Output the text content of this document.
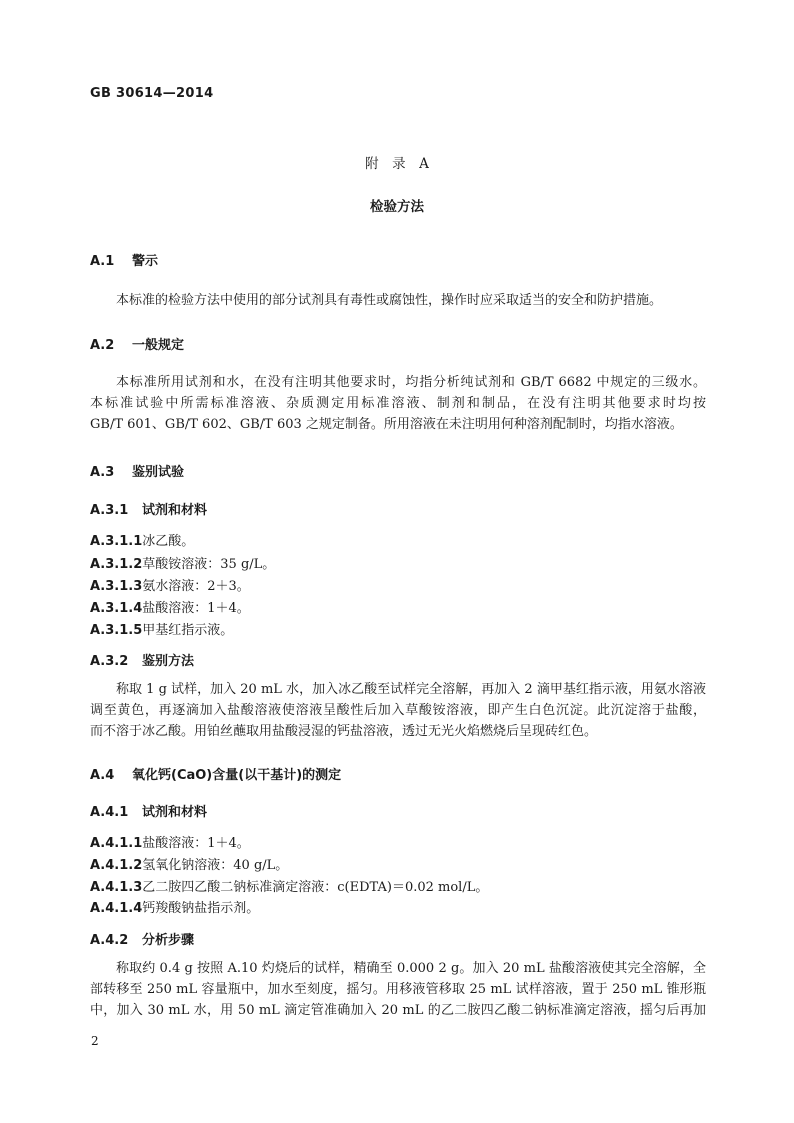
GB 30614—2014
附　录　A
检验方法
A.1 警示
本标准的检验方法中使用的部分试剂具有毒性或腐蚀性，操作时应采取适当的安全和防护措施。
A.2 一般规定
本标准所用试剂和水，在没有注明其他要求时，均指分析纯试剂和 GB/T 6682 中规定的三级水。
本标准试验中所需标准溶液、杂质测定用标准溶液、制剂和制品，在没有注明其他要求时均按
GB/T 601、GB/T 602、GB/T 603 之规定制备。所用溶液在未注明用何种溶剂配制时，均指水溶液。
A.3 鉴别试验
A.3.1 试剂和材料
A.3.1.1冰乙酸。
A.3.1.2草酸铵溶液：35 g/L。
A.3.1.3氨水溶液：2＋3。
A.3.1.4盐酸溶液：1＋4。
A.3.1.5甲基红指示液。
A.3.2 鉴别方法
称取 1 g 试样，加入 20 mL 水，加入冰乙酸至试样完全溶解，再加入 2 滴甲基红指示液，用氨水溶液
调至黄色，再逐滴加入盐酸溶液使溶液呈酸性后加入草酸铵溶液，即产生白色沉淀。此沉淀溶于盐酸，
而不溶于冰乙酸。用铂丝蘸取用盐酸浸湿的钙盐溶液，透过无光火焰燃烧后呈现砖红色。
A.4 氧化钙(CaO)含量(以干基计)的测定
A.4.1 试剂和材料
A.4.1.1盐酸溶液：1＋4。
A.4.1.2氢氧化钠溶液：40 g/L。
A.4.1.3乙二胺四乙酸二钠标准滴定溶液：c(EDTA)＝0.02 mol/L。
A.4.1.4钙羧酸钠盐指示剂。
A.4.2 分析步骤
称取约 0.4 g 按照 A.10 灼烧后的试样，精确至 0.000 2 g。加入 20 mL 盐酸溶液使其完全溶解，全
部转移至 250 mL 容量瓶中，加水至刻度，摇匀。用移液管移取 25 mL 试样溶液，置于 250 mL 锥形瓶
中，加入 30 mL 水，用 50 mL 滴定管准确加入 20 mL 的乙二胺四乙酸二钠标准滴定溶液，摇匀后再加
2
